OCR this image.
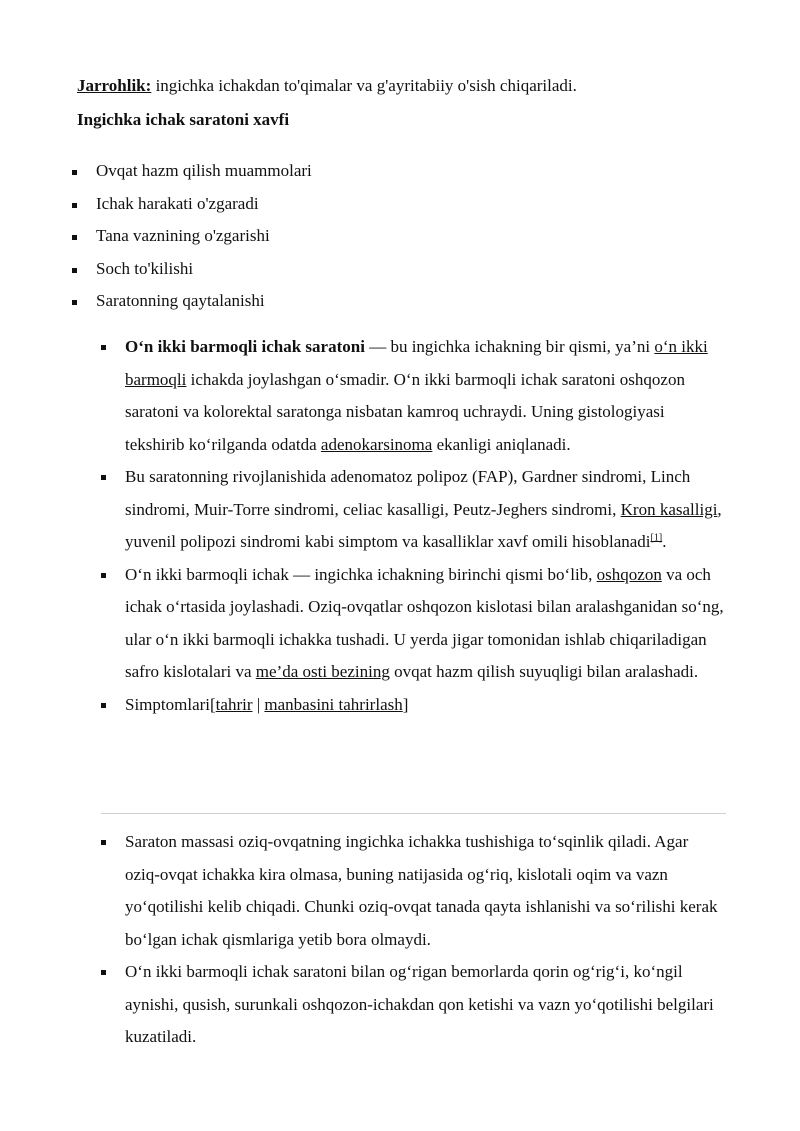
Jarrohlik: ingichka ichakdan to'qimalar va g'ayritabiiy o'sish chiqariladi.

Ingichka ichak saratoni xavfi

Ovqat hazm qilish muammolari
Ichak harakati o'zgaradi
Tana vaznining o'zgarishi
Soch to'kilishi
Saratonning qaytalanishi
O‘n ikki barmoqli ichak saratoni — bu ingichka ichakning bir qismi, ya’ni o‘n ikki barmoqli ichakda joylashgan o‘smadir. O‘n ikki barmoqli ichak saratoni oshqozon saratoni va kolorektal saratonga nisbatan kamroq uchraydi. Uning gistologiyasi tekshirib ko‘rilganda odatda adenokarsinoma ekanligi aniqlanadi.
Bu saratonning rivojlanishida adenomatoz polipoz (FAP), Gardner sindromi, Linch sindromi, Muir-Torre sindromi, celiac kasalligi, Peutz-Jeghers sindromi, Kron kasalligi, yuvenil polipozi sindromi kabi simptom va kasalliklar xavf omili hisoblanadi[1].
O‘n ikki barmoqli ichak — ingichka ichakning birinchi qismi bo‘lib, oshqozon va och ichak o‘rtasida joylashadi. Oziq-ovqatlar oshqozon kislotasi bilan aralashganidan so‘ng, ular o‘n ikki barmoqli ichakka tushadi. U yerda jigar tomonidan ishlab chiqariladigan safro kislotalari va me’da osti bezining ovqat hazm qilish suyuqligi bilan aralashadi.
Simptomlari[tahrir | manbasini tahrirlash]
Saraton massasi oziq-ovqatning ingichka ichakka tushishiga to‘sqinlik qiladi. Agar oziq-ovqat ichakka kira olmasa, buning natijasida og‘riq, kislotali oqim va vazn yo‘qotilishi kelib chiqadi. Chunki oziq-ovqat tanada qayta ishlanishi va so‘rilishi kerak bo‘lgan ichak qismlariga yetib bora olmaydi.
O‘n ikki barmoqli ichak saratoni bilan og‘rigan bemorlarda qorin og‘rig‘i, ko‘ngil aynishi, qusish, surunkali oshqozon-ichakdan qon ketishi va vazn yo‘qotilishi belgilari kuzatiladi.
